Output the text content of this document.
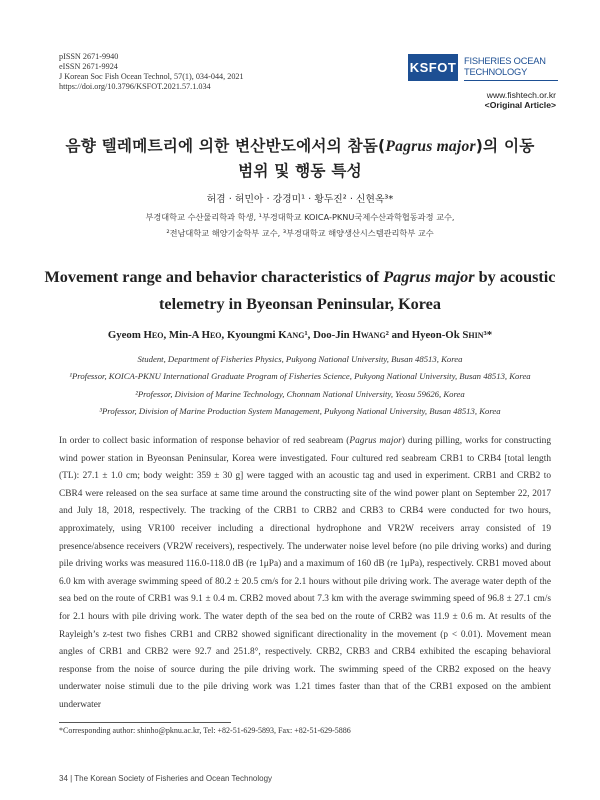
pISSN 2671-9940
eISSN 2671-9924
J Korean Soc Fish Ocean Technol, 57(1), 034-044, 2021
https://doi.org/10.3796/KSFOT.2021.57.1.034
KSFOT FISHERIES OCEAN
TECHNOLOGY
www.fishtech.or.kr
<Original Article>
음향 텔레메트리에 의한 변산반도에서의 참돔(Pagrus major)의 이동
범위 및 행동 특성
허겸 · 허민아 · 강경미¹ · 황두진² · 신현옥³*
부경대학교 수산물리학과 학생, ¹부경대학교 KOICA-PKNU국제수산과학협동과정 교수,
²전남대학교 해양기술학부 교수, ³부경대학교 해양생산시스템관리학부 교수
Movement range and behavior characteristics of Pagrus major by acoustic
telemetry in Byeonsan Peninsular, Korea
Gyeom Heo, Min-A Heo, Kyoungmi Kang¹, Doo-Jin Hwang² and Hyeon-Ok Shin³*
Student, Department of Fisheries Physics, Pukyong National University, Busan 48513, Korea
¹Professor, KOICA-PKNU International Graduate Program of Fisheries Science, Pukyong National University, Busan 48513, Korea
²Professor, Division of Marine Technology, Chonnam National University, Yeosu 59626, Korea
³Professor, Division of Marine Production System Management, Pukyong National University, Busan 48513, Korea

In order to collect basic information of response behavior of red seabream (Pagrus major) during pilling, works for constructing wind power station in Byeonsan Peninsular, Korea were investigated. Four cultured red seabream CRB1 to CRB4 [total length (TL): 27.1 ± 1.0 cm; body weight: 359 ± 30 g] were tagged with an acoustic tag and used in experiment. CRB1 and CRB2 to CBR4 were released on the sea surface at same time around the constructing site of the wind power plant on September 22, 2017 and July 18, 2018, respectively. The tracking of the CRB1 to CRB2 and CRB3 to CRB4 were conducted for two hours, approximately, using VR100 receiver including a directional hydrophone and VR2W receivers array consisted of 19 presence/absence receivers (VR2W receivers), respectively. The underwater noise level before (no pile driving works) and during pile driving works was measured 116.0-118.0 dB (re 1μPa) and a maximum of 160 dB (re 1μPa), respectively. CRB1 moved about 6.0 km with average swimming speed of 80.2 ± 20.5 cm/s for 2.1 hours without pile driving work. The average water depth of the sea bed on the route of CRB1 was 9.1 ± 0.4 m. CRB2 moved about 7.3 km with the average swimming speed of 96.8 ± 27.1 cm/s for 2.1 hours with pile driving work. The water depth of the sea bed on the route of CRB2 was 11.9 ± 0.6 m. At results of the Rayleigh’s z-test two fishes CRB1 and CRB2 showed significant directionality in the movement (p < 0.01). Movement mean angles of CRB1 and CRB2 were 92.7 and 251.8°, respectively. CRB2, CRB3 and CRB4 exhibited the escaping behavioral response from the noise of source during the pile driving work. The swimming speed of the CRB2 exposed on the heavy underwater noise stimuli due to the pile driving work was 1.21 times faster than that of the CRB1 exposed on the ambient underwater

*Corresponding author: shinho@pknu.ac.kr, Tel: +82-51-629-5893, Fax: +82-51-629-5886
34 | The Korean Society of Fisheries and Ocean Technology
